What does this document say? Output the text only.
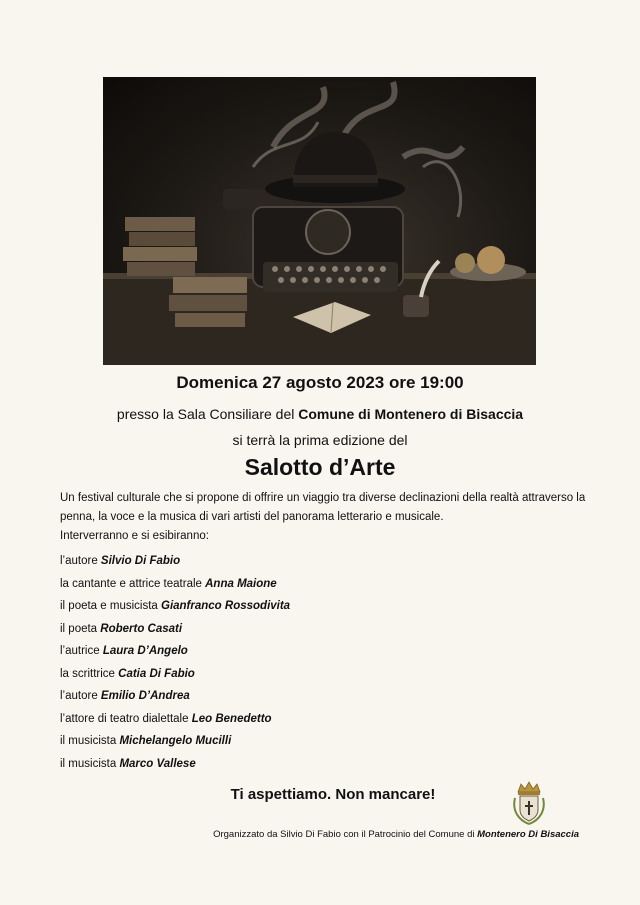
Domenica 27 agosto 2023 ore 19:00
presso la Sala Consiliare del Comune di Montenero di Bisaccia
si terrà la prima edizione del
Salotto d’Arte

Un festival culturale che si propone di offrire un viaggio tra diverse declinazioni della realtà attraverso la penna, la voce e la musica di vari artisti del panorama letterario e musicale.

Interverranno e si esibiranno:

l’autore Silvio Di Fabio
la cantante e attrice teatrale Anna Maione
il poeta e musicista Gianfranco Rossodivita
il poeta Roberto Casati
l’autrice Laura D’Angelo
la scrittrice Catia Di Fabio
l’autore Emilio D’Andrea
l’attore di teatro dialettale Leo Benedetto
il musicista Michelangelo Mucilli
il musicista Marco Vallese
Ti aspettiamo. Non mancare!
Organizzato da Silvio Di Fabio con il Patrocinio del Comune di Montenero Di Bisaccia
